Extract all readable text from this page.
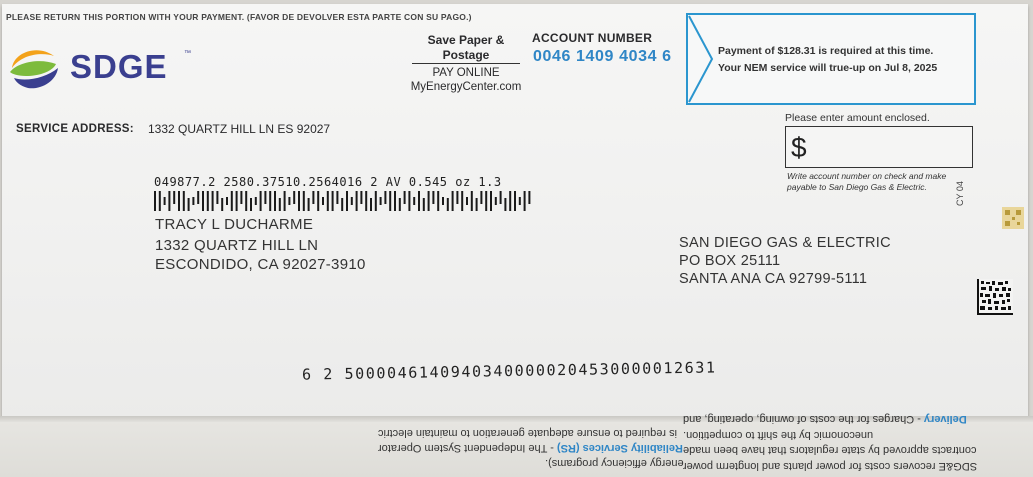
PLEASE RETURN THIS PORTION WITH YOUR PAYMENT. (FAVOR DE DEVOLVER ESTA PARTE CON SU PAGO.)
SDGE ™
SERVICE ADDRESS: 1332 QUARTZ HILL LN ES 92027
Save Paper &
Postage
PAY ONLINE
MyEnergyCenter.com
ACCOUNT NUMBER
0046 1409 4034 6	Payment of $128.31 is required at this time.
Your NEM service will true-up on Jul 8, 2025
Please enter amount enclosed.
$
Write account number on check and make
payable to San Diego Gas & Electric.	CY 04
049877.2 2580.37510.2564016 2 AV 0.545 oz 1.3
TRACY L DUCHARME
1332 QUARTZ HILL LN
ESCONDIDO, CA 92027-3910
SAN DIEGO GAS & ELECTRIC
PO BOX 25111
SANTA ANA CA 92799-5111
6 2 50000461409403400000204530000012631
is required to ensure adequate generation to maintain electric
Reliability Services (RS) - The Independent System Operator
energy efficiency programs).
Delivery - Charges for the costs of owning, operating, and
uneconomic by the shift to competition.
contracts approved by state regulators that have been made
SDG&E recovers costs for power plants and longterm power
